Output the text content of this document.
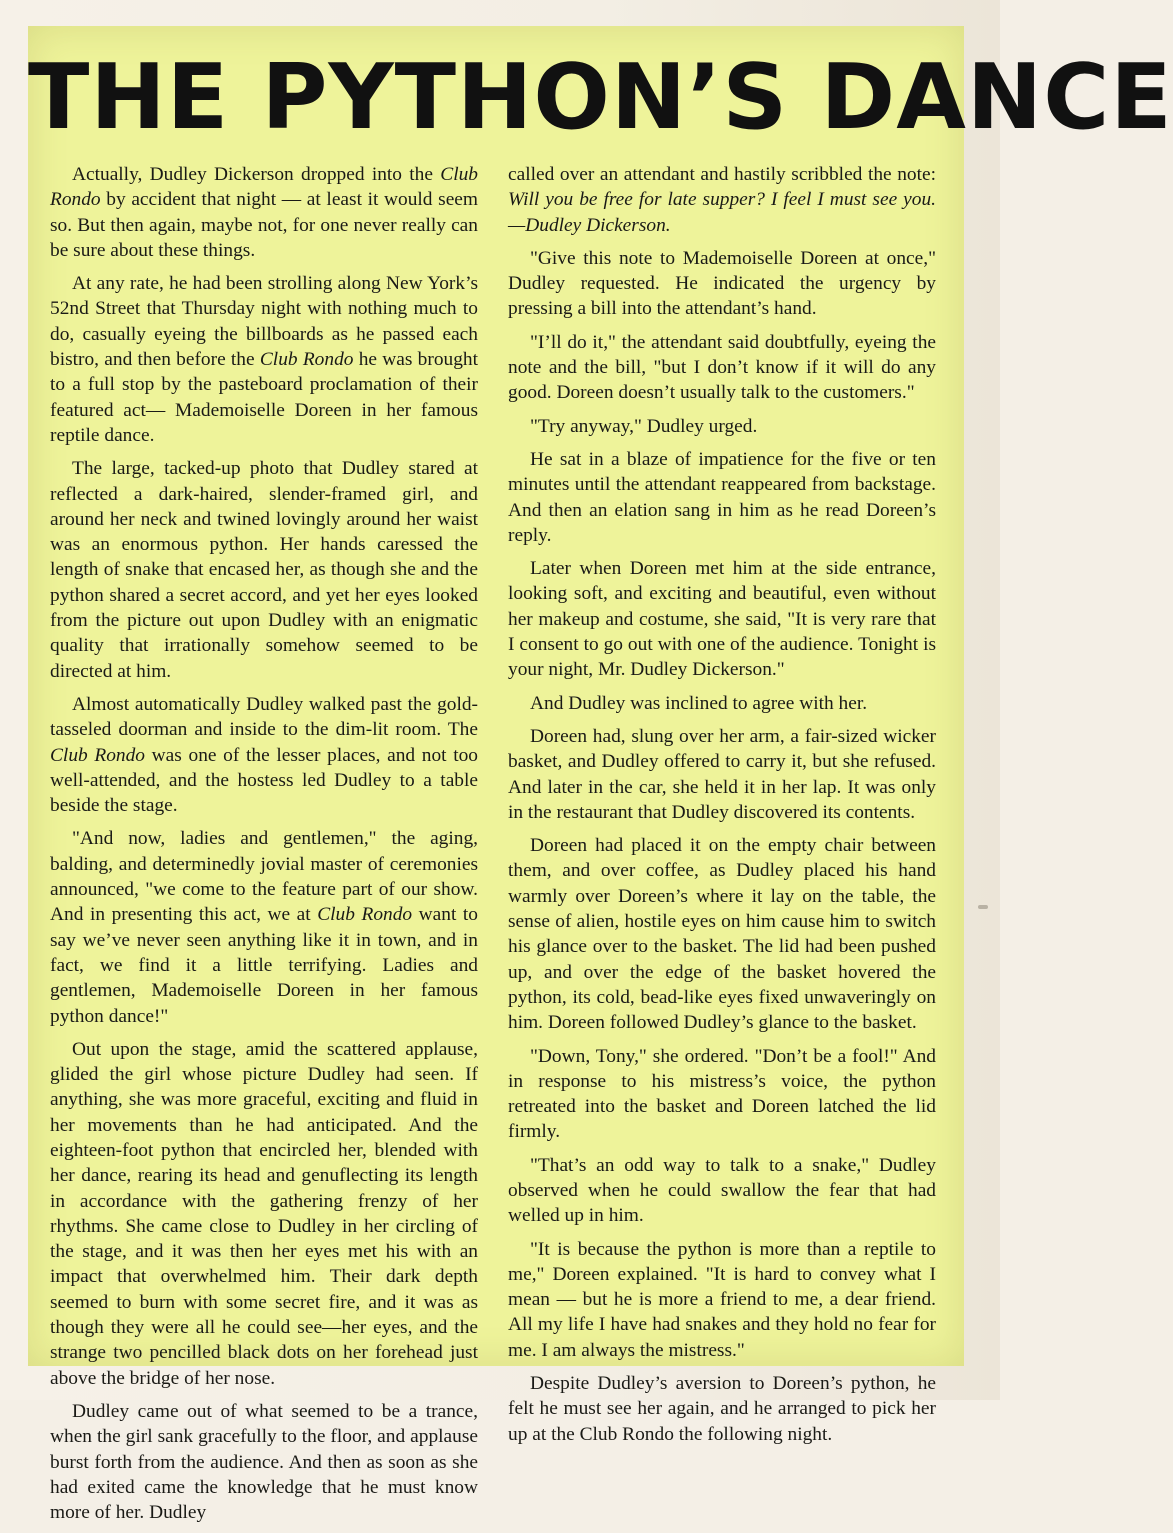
THE PYTHON’S DANCE

Actually, Dudley Dickerson dropped into the Club Rondo by accident that night — at least it would seem so. But then again, maybe not, for one never really can be sure about these things.

At any rate, he had been strolling along New York’s 52nd Street that Thursday night with nothing much to do, casually eyeing the billboards as he passed each bistro, and then before the Club Rondo he was brought to a full stop by the pasteboard proclamation of their featured act— Mademoiselle Doreen in her famous reptile dance.

The large, tacked-up photo that Dudley stared at reflected a dark-haired, slender-framed girl, and around her neck and twined lovingly around her waist was an enormous python. Her hands caressed the length of snake that encased her, as though she and the python shared a secret accord, and yet her eyes looked from the picture out upon Dudley with an enigmatic quality that irrationally somehow seemed to be directed at him.

Almost automatically Dudley walked past the gold-tasseled doorman and inside to the dim-lit room. The Club Rondo was one of the lesser places, and not too well-attended, and the hostess led Dudley to a table beside the stage.

"And now, ladies and gentlemen," the aging, balding, and determinedly jovial master of ceremonies announced, "we come to the feature part of our show. And in presenting this act, we at Club Rondo want to say we’ve never seen anything like it in town, and in fact, we find it a little terrifying. Ladies and gentlemen, Mademoiselle Doreen in her famous python dance!"

Out upon the stage, amid the scattered applause, glided the girl whose picture Dudley had seen. If anything, she was more graceful, exciting and fluid in her movements than he had anticipated. And the eighteen-foot python that encircled her, blended with her dance, rearing its head and genuflecting its length in accordance with the gathering frenzy of her rhythms. She came close to Dudley in her circling of the stage, and it was then her eyes met his with an impact that overwhelmed him. Their dark depth seemed to burn with some secret fire, and it was as though they were all he could see—her eyes, and the strange two pencilled black dots on her forehead just above the bridge of her nose.

Dudley came out of what seemed to be a trance, when the girl sank gracefully to the floor, and applause burst forth from the audience. And then as soon as she had exited came the knowledge that he must know more of her. Dudley

called over an attendant and hastily scribbled the note: Will you be free for late supper? I feel I must see you.—Dudley Dickerson.

"Give this note to Mademoiselle Doreen at once," Dudley requested. He indicated the urgency by pressing a bill into the attendant’s hand.

"I’ll do it," the attendant said doubtfully, eyeing the note and the bill, "but I don’t know if it will do any good. Doreen doesn’t usually talk to the customers."

"Try anyway," Dudley urged.

He sat in a blaze of impatience for the five or ten minutes until the attendant reappeared from backstage. And then an elation sang in him as he read Doreen’s reply.

Later when Doreen met him at the side entrance, looking soft, and exciting and beautiful, even without her makeup and costume, she said, "It is very rare that I consent to go out with one of the audience. Tonight is your night, Mr. Dudley Dickerson."

And Dudley was inclined to agree with her.

Doreen had, slung over her arm, a fair-sized wicker basket, and Dudley offered to carry it, but she refused. And later in the car, she held it in her lap. It was only in the restaurant that Dudley discovered its contents.

Doreen had placed it on the empty chair between them, and over coffee, as Dudley placed his hand warmly over Doreen’s where it lay on the table, the sense of alien, hostile eyes on him cause him to switch his glance over to the basket. The lid had been pushed up, and over the edge of the basket hovered the python, its cold, bead-like eyes fixed unwaveringly on him. Doreen followed Dudley’s glance to the basket.

"Down, Tony," she ordered. "Don’t be a fool!" And in response to his mistress’s voice, the python retreated into the basket and Doreen latched the lid firmly.

"That’s an odd way to talk to a snake," Dudley observed when he could swallow the fear that had welled up in him.

"It is because the python is more than a reptile to me," Doreen explained. "It is hard to convey what I mean — but he is more a friend to me, a dear friend. All my life I have had snakes and they hold no fear for me. I am always the mistress."

Despite Dudley’s aversion to Doreen’s python, he felt he must see her again, and he arranged to pick her up at the Club Rondo the following night.
